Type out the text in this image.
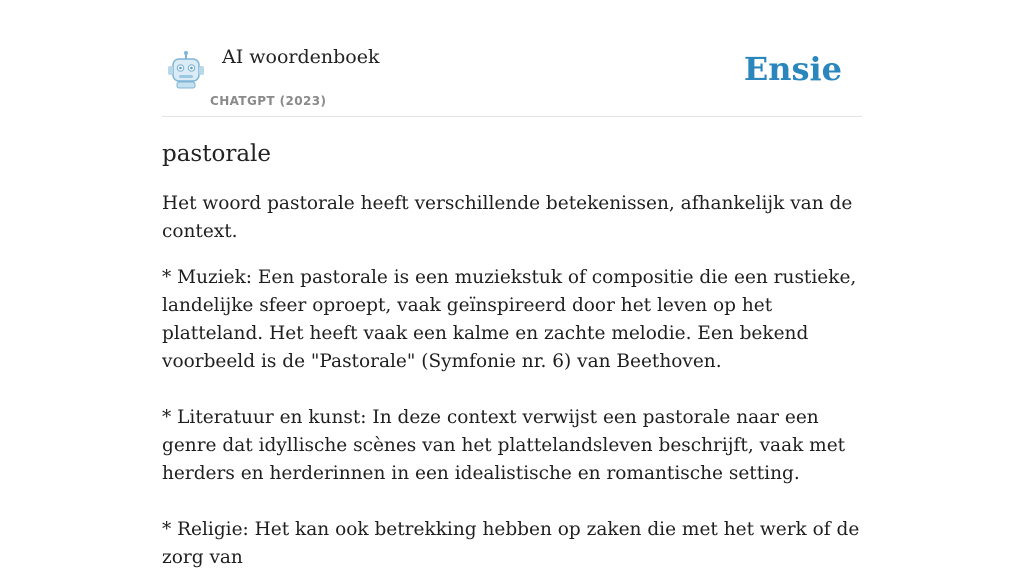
AI woordenboek
CHATGPT (2023)
Ensie
pastorale

Het woord pastorale heeft verschillende betekenissen, afhankelijk van de context.

* Muziek: Een pastorale is een muziekstuk of compositie die een rustieke, landelijke sfeer oproept, vaak geïnspireerd door het leven op het platteland. Het heeft vaak een kalme en zachte melodie. Een bekend voorbeeld is de "Pastorale" (Symfonie nr. 6) van Beethoven.

* Literatuur en kunst: In deze context verwijst een pastorale naar een genre dat idyllische scènes van het plattelandsleven beschrijft, vaak met herders en herderinnen in een idealistische en romantische setting.

* Religie: Het kan ook betrekking hebben op zaken die met het werk of de zorg van
